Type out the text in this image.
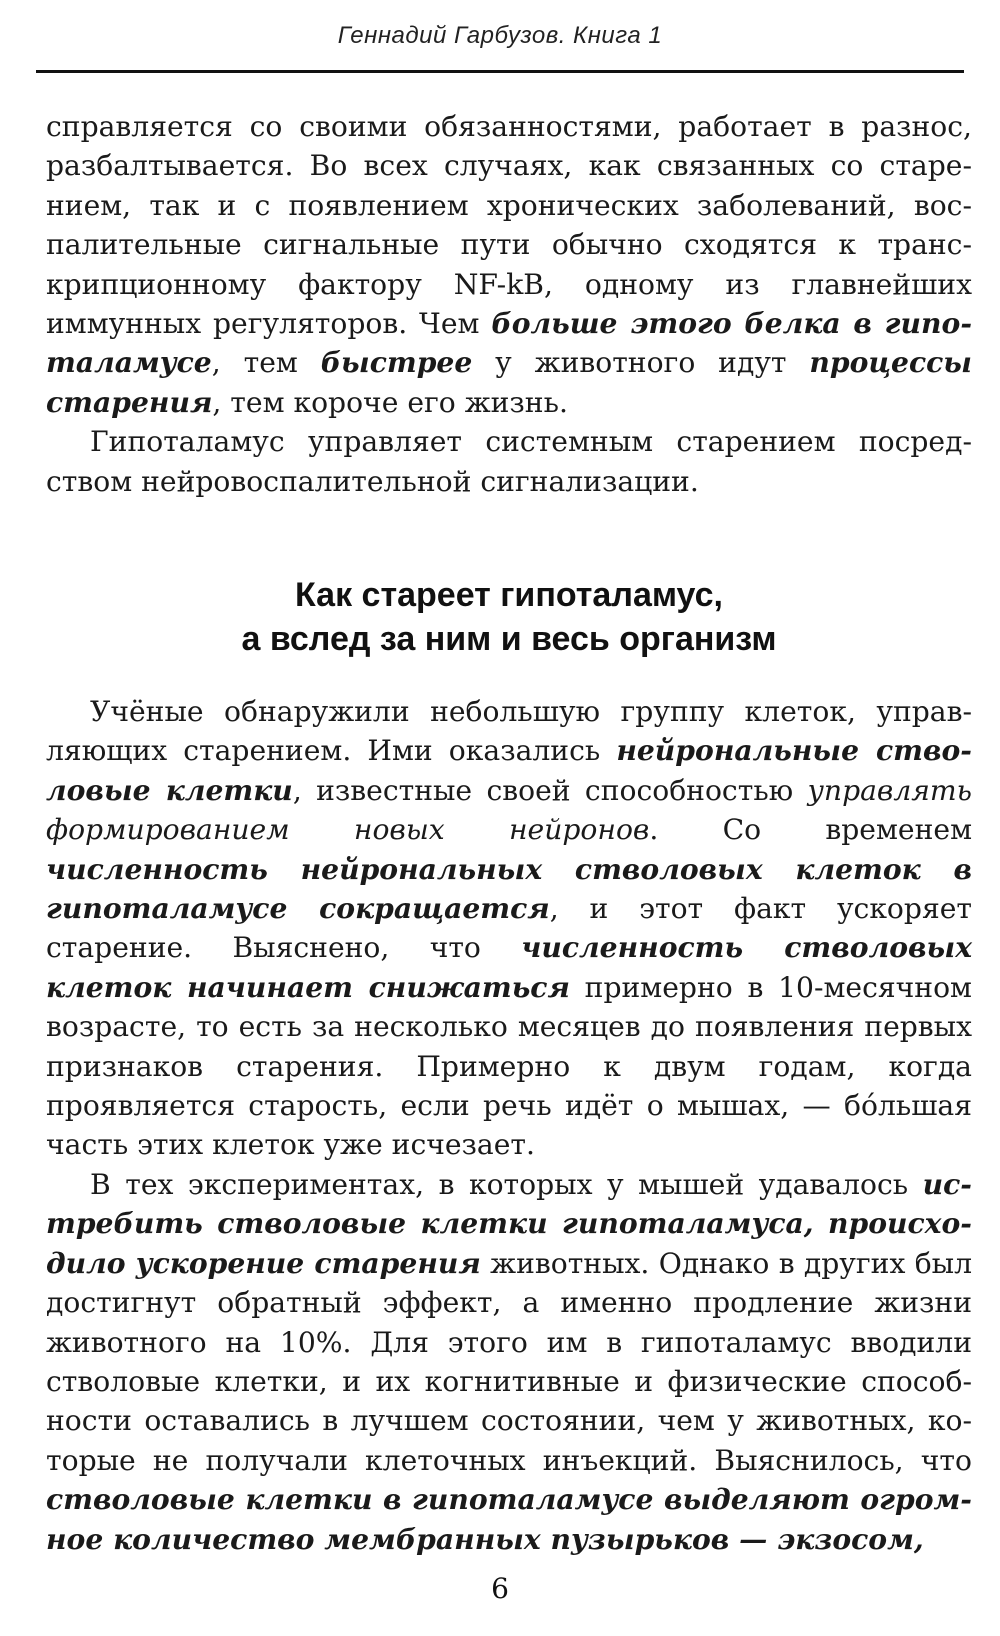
Геннадий Гарбузов. Книга 1

справляется со своими обязанностями, работает в разнос, разбалтывается. Во всех случаях, как связанных со старением, так и с появлением хронических заболеваний, воспалительные сигнальные пути обычно сходятся к транскрипционному фактору NF-kB, одному из главнейших иммунных регуляторов. Чем больше этого белка в гипоталамусе, тем быстрее у животного идут процессы старения, тем короче его жизнь.

Гипоталамус управляет системным старением посредством нейровоспалительной сигнализации.

Как стареет гипоталамус,
а вслед за ним и весь организм

Учёные обнаружили небольшую группу клеток, управляющих старением. Ими оказались нейрональные стволовые клетки, известные своей способностью управлять формированием новых нейронов. Со временем численность нейрональных стволовых клеток в гипоталамусе сокращается, и этот факт ускоряет старение. Выяснено, что численность стволовых клеток начинает снижаться примерно в 10-месячном возрасте, то есть за несколько месяцев до появления первых признаков старения. Примерно к двум годам, когда проявляется старость, если речь идёт о мышах, — бóльшая часть этих клеток уже исчезает.

В тех экспериментах, в которых у мышей удавалось истребить стволовые клетки гипоталамуса, происходило ускорение старения животных. Однако в других был достигнут обратный эффект, а именно продление жизни животного на 10%. Для этого им в гипоталамус вводили стволовые клетки, и их когнитивные и физические способности оставались в лучшем состоянии, чем у животных, которые не получали клеточных инъекций. Выяснилось, что стволовые клетки в гипоталамусе выделяют огромное количество мембранных пузырьков — экзосом,

6
